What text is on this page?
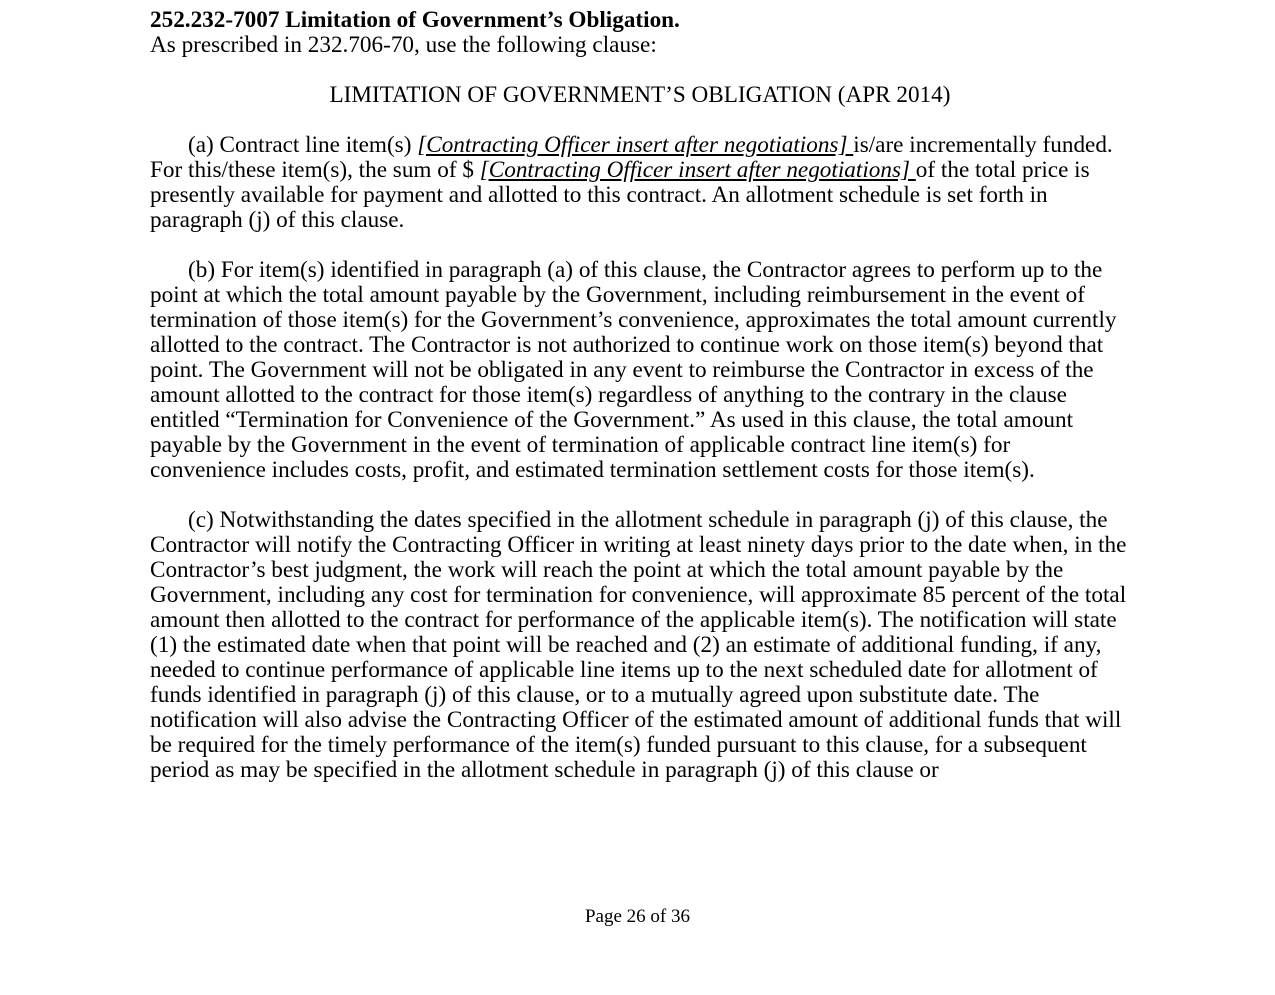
252.232-7007 Limitation of Government’s Obligation.

As prescribed in 232.706-70, use the following clause:

LIMITATION OF GOVERNMENT’S OBLIGATION (APR 2014)

(a) Contract line item(s) [Contracting Officer insert after negotiations] is/are incrementally funded. For this/these item(s), the sum of $ [Contracting Officer insert after negotiations] of the total price is presently available for payment and allotted to this contract. An allotment schedule is set forth in paragraph (j) of this clause.

(b) For item(s) identified in paragraph (a) of this clause, the Contractor agrees to perform up to the point at which the total amount payable by the Government, including reimbursement in the event of termination of those item(s) for the Government’s convenience, approximates the total amount currently allotted to the contract. The Contractor is not authorized to continue work on those item(s) beyond that point. The Government will not be obligated in any event to reimburse the Contractor in excess of the amount allotted to the contract for those item(s) regardless of anything to the contrary in the clause entitled “Termination for Convenience of the Government.” As used in this clause, the total amount payable by the Government in the event of termination of applicable contract line item(s) for convenience includes costs, profit, and estimated termination settlement costs for those item(s).

(c) Notwithstanding the dates specified in the allotment schedule in paragraph (j) of this clause, the Contractor will notify the Contracting Officer in writing at least ninety days prior to the date when, in the Contractor’s best judgment, the work will reach the point at which the total amount payable by the Government, including any cost for termination for convenience, will approximate 85 percent of the total amount then allotted to the contract for performance of the applicable item(s). The notification will state (1) the estimated date when that point will be reached and (2) an estimate of additional funding, if any, needed to continue performance of applicable line items up to the next scheduled date for allotment of funds identified in paragraph (j) of this clause, or to a mutually agreed upon substitute date. The notification will also advise the Contracting Officer of the estimated amount of additional funds that will be required for the timely performance of the item(s) funded pursuant to this clause, for a subsequent period as may be specified in the allotment schedule in paragraph (j) of this clause or

Page 26 of 36
